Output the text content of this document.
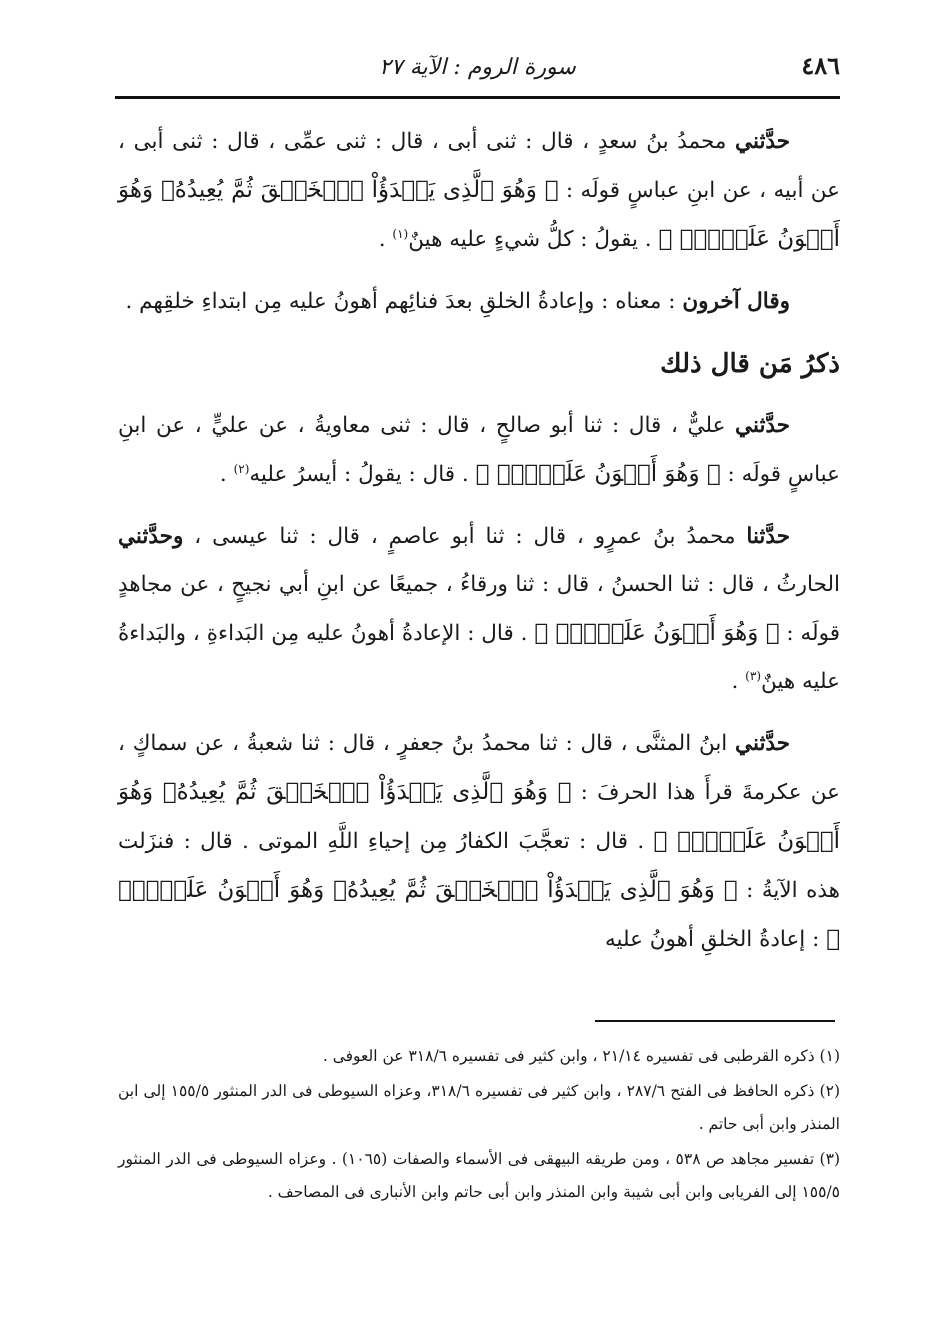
٤٨٦
سورة الروم : الآية ٢٧

حدَّثني محمدُ بنُ سعدٍ ، قال : ثنى أبى ، قال : ثنى عمِّى ، قال : ثنى أبى ، عن أبيه ، عن ابنِ عباسٍ قولَه : ﴿ وَهُوَ ٱلَّذِى يَبۡدَؤُاْ ٱلۡخَلۡقَ ثُمَّ يُعِيدُهُۥ وَهُوَ أَهۡوَنُ عَلَيۡهِۚ ﴾ . يقولُ : كلُّ شيءٍ عليه هينٌ$^{(١)}$ .

وقال آخرون : معناه : وإعادةُ الخلقِ بعدَ فنائِهم أهونُ عليه مِن ابتداءِ خلقِهم .

ذكرُ مَن قال ذلك

حدَّثني عليٌّ ، قال : ثنا أبو صالحٍ ، قال : ثنى معاويةُ ، عن عليٍّ ، عن ابنِ عباسٍ قولَه : ﴿ وَهُوَ أَهۡوَنُ عَلَيۡهِۚ ﴾ . قال : يقولُ : أيسرُ عليه$^{(٢)}$ .

حدَّثنا محمدُ بنُ عمرٍو ، قال : ثنا أبو عاصمٍ ، قال : ثنا عيسى ، وحدَّثني الحارثُ ، قال : ثنا الحسنُ ، قال : ثنا ورقاءُ ، جميعًا عن ابنِ أبي نجيحٍ ، عن مجاهدٍ قولَه : ﴿ وَهُوَ أَهۡوَنُ عَلَيۡهِۚ ﴾ . قال : الإعادةُ أهونُ عليه مِن البَداءةِ ، والبَداءةُ عليه هينٌ$^{(٣)}$ .

حدَّثني ابنُ المثنَّى ، قال : ثنا محمدُ بنُ جعفرٍ ، قال : ثنا شعبةُ ، عن سماكٍ ، عن عكرمةَ قرأَ هذا الحرفَ : ﴿ وَهُوَ ٱلَّذِى يَبۡدَؤُاْ ٱلۡخَلۡقَ ثُمَّ يُعِيدُهُۥ وَهُوَ أَهۡوَنُ عَلَيۡهِۚ ﴾ . قال : تعجَّبَ الكفارُ مِن إحياءِ اللَّهِ الموتى . قال : فنزَلت هذه الآيةُ : ﴿ وَهُوَ ٱلَّذِى يَبۡدَؤُاْ ٱلۡخَلۡقَ ثُمَّ يُعِيدُهُۥ وَهُوَ أَهۡوَنُ عَلَيۡهِۚ ﴾ : إعادةُ الخلقِ أهونُ عليه

(١) ذكره القرطبى فى تفسيره ٢١/١٤ ، وابن كثير فى تفسيره ٣١٨/٦ عن العوفى .

(٢) ذكره الحافظ فى الفتح ٢٨٧/٦ ، وابن كثير فى تفسيره ٣١٨/٦، وعزاه السيوطى فى الدر المنثور ١٥٥/٥ إلى ابن المنذر وابن أبى حاتم .

(٣) تفسير مجاهد ص ٥٣٨ ، ومن طريقه البيهقى فى الأسماء والصفات (١٠٦٥) . وعزاه السيوطى فى الدر المنثور ١٥٥/٥ إلى الفريابى وابن أبى شيبة وابن المنذر وابن أبى حاتم وابن الأنبارى فى المصاحف .
